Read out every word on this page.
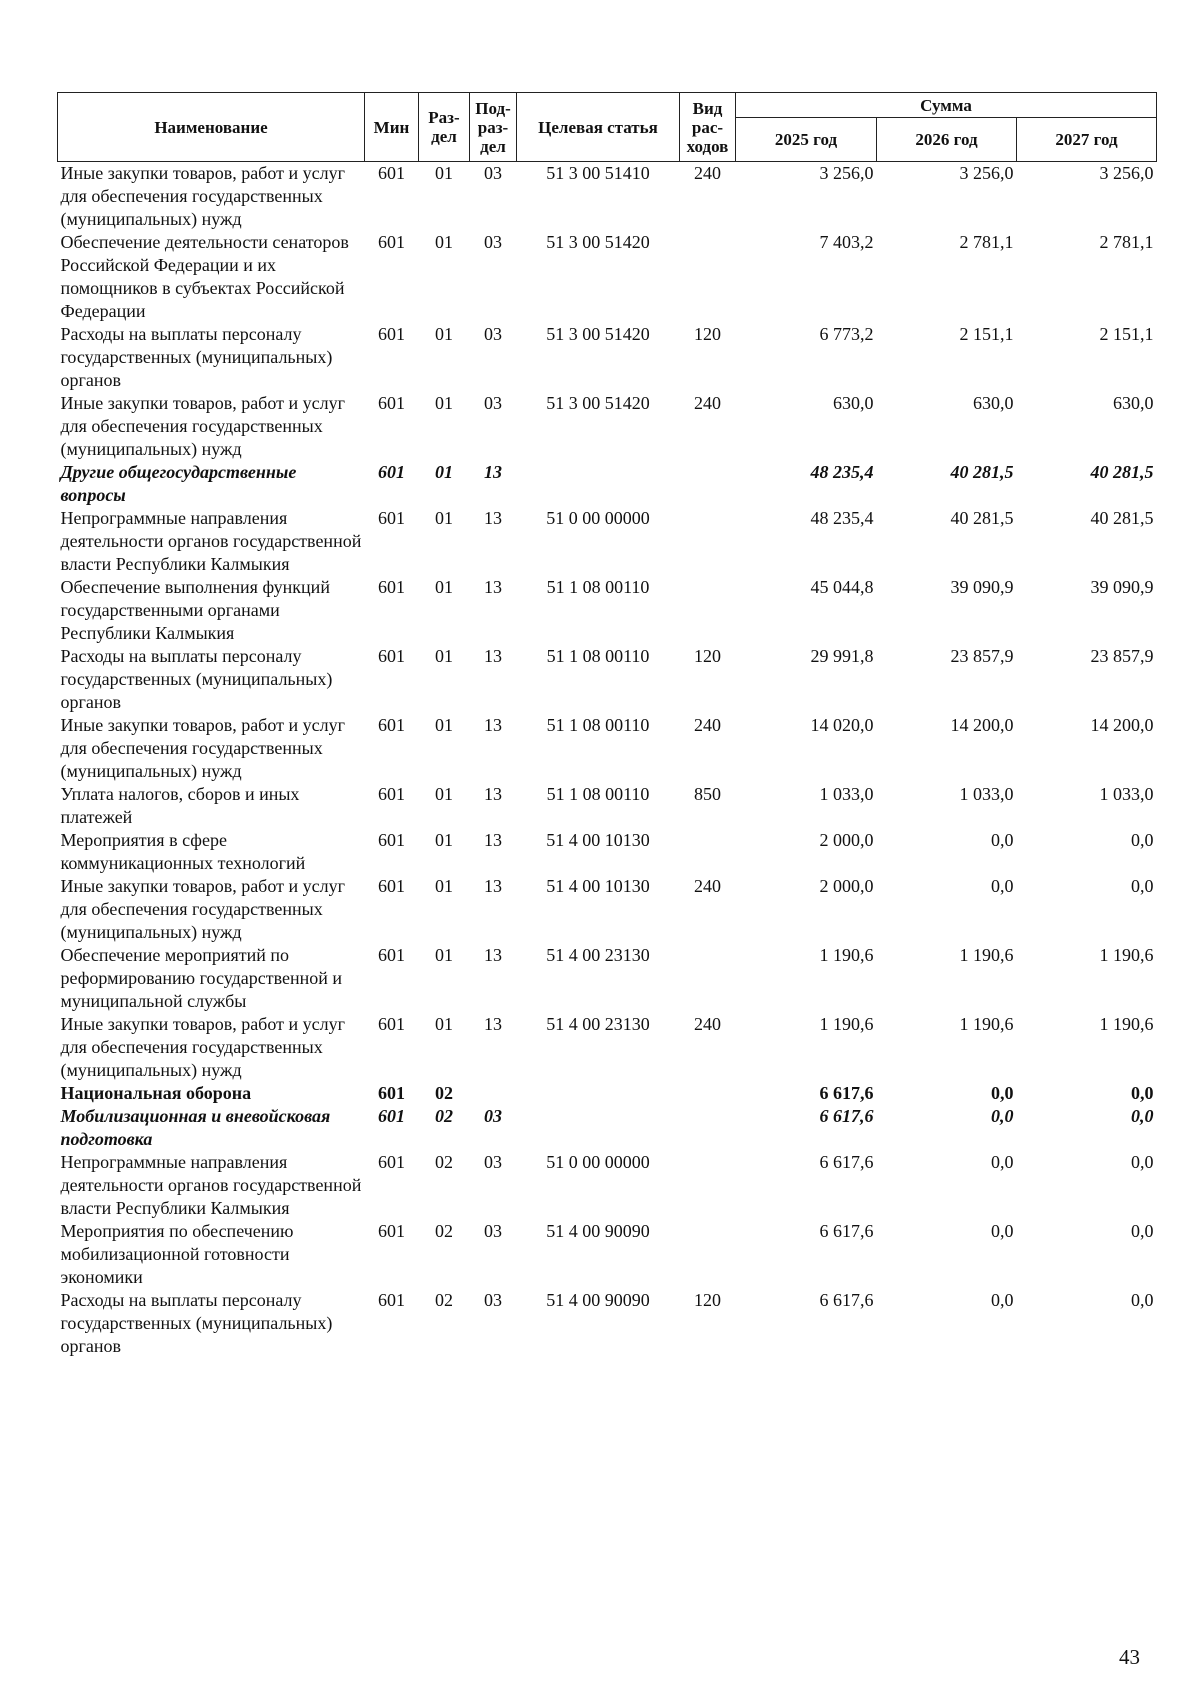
Наименование	Мин	Раз-дел	Под-раз-дел	Целевая статья	Вид рас-ходов	Сумма		
						2025 год	2026 год	2027 год
Иные закупки товаров, работ и услуг для обеспечения государственных (муниципальных) нужд	601	01	03	51 3 00 51410	240	3 256,0	3 256,0	3 256,0
Обеспечение деятельности сенаторов Российской Федерации и их помощников в субъектах Российской Федерации	601	01	03	51 3 00 51420		7 403,2	2 781,1	2 781,1
Расходы на выплаты персоналу государственных (муниципальных) органов	601	01	03	51 3 00 51420	120	6 773,2	2 151,1	2 151,1
Иные закупки товаров, работ и услуг для обеспечения государственных (муниципальных) нужд	601	01	03	51 3 00 51420	240	630,0	630,0	630,0
Другие общегосударственные вопросы	601	01	13			48 235,4	40 281,5	40 281,5
Непрограммные направления деятельности органов государственной власти Республики Калмыкия	601	01	13	51 0 00 00000		48 235,4	40 281,5	40 281,5
Обеспечение выполнения функций государственными органами Республики Калмыкия	601	01	13	51 1 08 00110		45 044,8	39 090,9	39 090,9
Расходы на выплаты персоналу государственных (муниципальных) органов	601	01	13	51 1 08 00110	120	29 991,8	23 857,9	23 857,9
Иные закупки товаров, работ и услуг для обеспечения государственных (муниципальных) нужд	601	01	13	51 1 08 00110	240	14 020,0	14 200,0	14 200,0
Уплата налогов, сборов и иных платежей	601	01	13	51 1 08 00110	850	1 033,0	1 033,0	1 033,0
Мероприятия в сфере коммуникационных технологий	601	01	13	51 4 00 10130		2 000,0	0,0	0,0
Иные закупки товаров, работ и услуг для обеспечения государственных (муниципальных) нужд	601	01	13	51 4 00 10130	240	2 000,0	0,0	0,0
Обеспечение мероприятий по реформированию государственной и муниципальной службы	601	01	13	51 4 00 23130		1 190,6	1 190,6	1 190,6
Иные закупки товаров, работ и услуг для обеспечения государственных (муниципальных) нужд	601	01	13	51 4 00 23130	240	1 190,6	1 190,6	1 190,6
Национальная оборона	601	02				6 617,6	0,0	0,0
Мобилизационная и вневойсковая подготовка	601	02	03			6 617,6	0,0	0,0
Непрограммные направления деятельности органов государственной власти Республики Калмыкия	601	02	03	51 0 00 00000		6 617,6	0,0	0,0
Мероприятия по обеспечению мобилизационной готовности экономики	601	02	03	51 4 00 90090		6 617,6	0,0	0,0
Расходы на выплаты персоналу государственных (муниципальных) органов	601	02	03	51 4 00 90090	120	6 617,6	0,0	0,0
43
